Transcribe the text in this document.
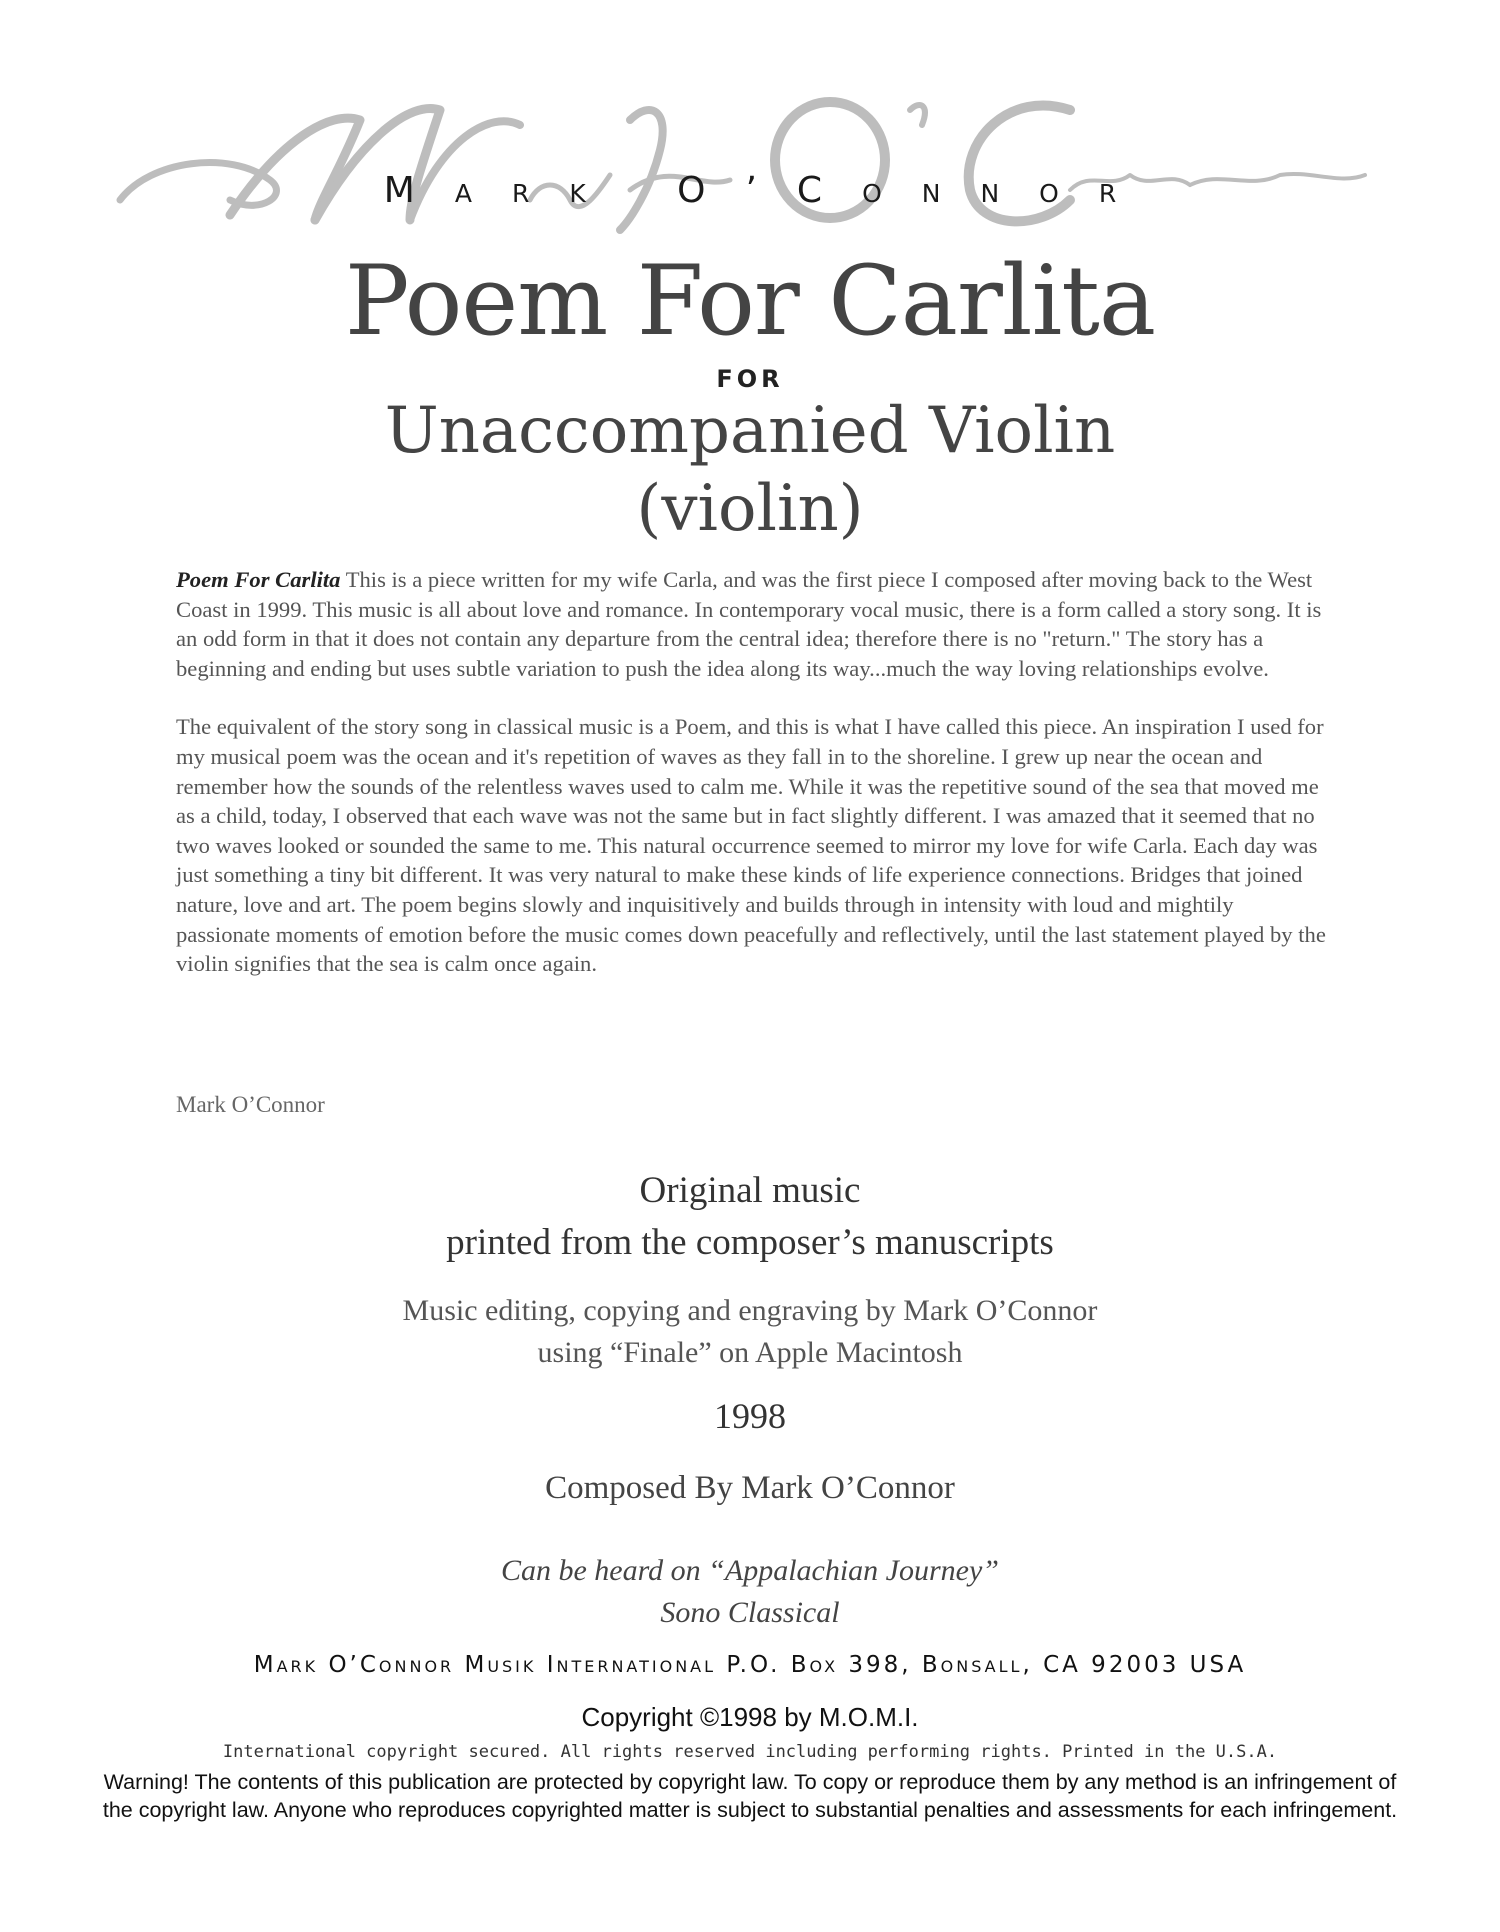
Mark O’Connor
Poem For Carlita
FOR
Unaccompanied Violin
(violin)

Poem For Carlita This is a piece written for my wife Carla, and was the first piece I composed after moving back to the West Coast in 1999. This music is all about love and romance. In contemporary vocal music, there is a form called a story song. It is an odd form in that it does not contain any departure from the central idea; therefore there is no "return." The story has a beginning and ending but uses subtle variation to push the idea along its way...much the way loving relationships evolve.

The equivalent of the story song in classical music is a Poem, and this is what I have called this piece. An inspiration I used for my musical poem was the ocean and it's repetition of waves as they fall in to the shoreline. I grew up near the ocean and remember how the sounds of the relentless waves used to calm me. While it was the repetitive sound of the sea that moved me as a child, today, I observed that each wave was not the same but in fact slightly different. I was amazed that it seemed that no two waves looked or sounded the same to me. This natural occurrence seemed to mirror my love for wife Carla. Each day was just something a tiny bit different. It was very natural to make these kinds of life experience connections. Bridges that joined nature, love and art. The poem begins slowly and inquisitively and builds through in intensity with loud and mightily passionate moments of emotion before the music comes down peacefully and reflectively, until the last statement played by the violin signifies that the sea is calm once again.

Mark O’Connor
Original music
printed from the composer’s manuscripts
Music editing, copying and engraving by Mark O’Connor
using “Finale” on Apple Macintosh
1998
Composed By Mark O’Connor
Can be heard on “Appalachian Journey”
Sono Classical
Mark O’Connor Musik International P.O. Box 398, Bonsall, CA 92003 USA
Copyright ©1998 by M.O.M.I.
International copyright secured. All rights reserved including performing rights. Printed in the U.S.A.
Warning! The contents of this publication are protected by copyright law. To copy or reproduce them by any method is an infringement of the copyright law. Anyone who reproduces copyrighted matter is subject to substantial penalties and assessments for each infringement.
